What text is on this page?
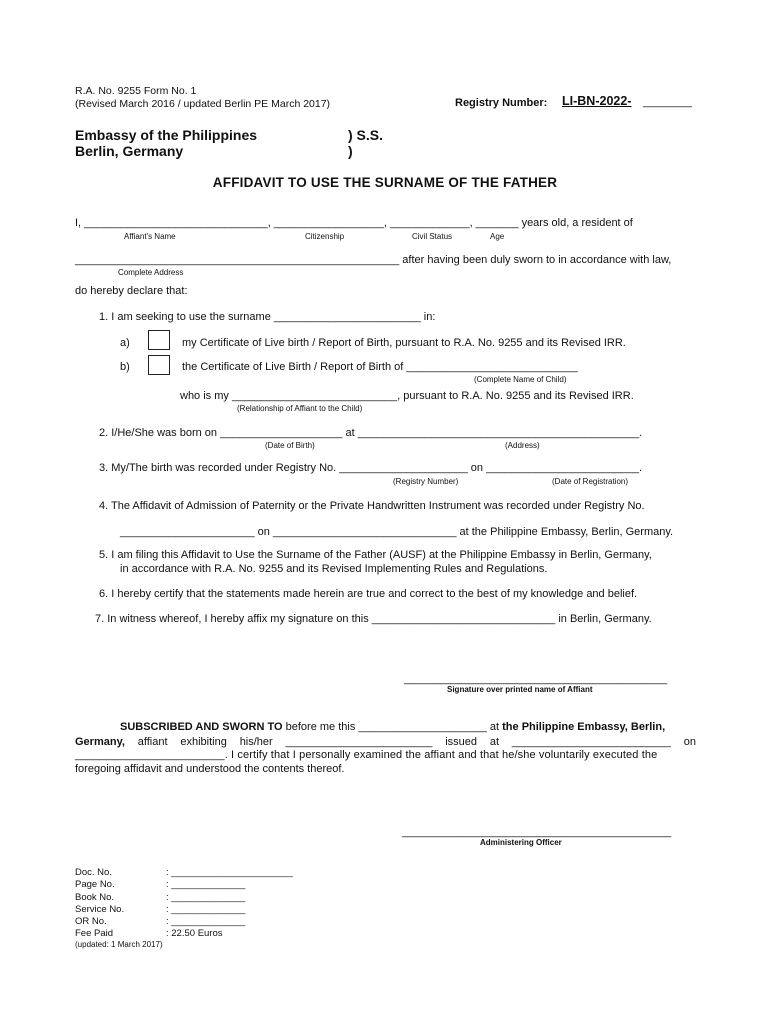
R.A. No. 9255 Form No. 1
(Revised March 2016 / updated Berlin PE March 2017)	Registry Number: LI-BN-2022- ________
Embassy of the Philippines
Berlin, Germany
) S.S.
)
AFFIDAVIT TO USE THE SURNAME OF THE FATHER
I, ______________________________, __________________, _____________, _______ years old, a resident of
Affiant's Name	Citizenship	Civil Status	Age
_____________________________________________________ after having been duly sworn to in accordance with law,
Complete Address
do hereby declare that:
1. I am seeking to use the surname ________________________ in:
a)	my Certificate of Live birth / Report of Birth, pursuant to R.A. No. 9255 and its Revised IRR.
b)	the Certificate of Live Birth / Report of Birth of ____________________________
(Complete Name of Child)
who is my ___________________________, pursuant to R.A. No. 9255 and its Revised IRR.
(Relationship of Affiant to the Child)
2. I/He/She was born on ____________________ at ______________________________________________.
(Date of Birth)	(Address)
3. My/The birth was recorded under Registry No. _____________________ on _________________________.
(Registry Number)	(Date of Registration)
4. The Affidavit of Admission of Paternity or the Private Handwritten Instrument was recorded under Registry No.
______________________ on ______________________________ at the Philippine Embassy, Berlin, Germany.
5. I am filing this Affidavit to Use the Surname of the Father (AUSF) at the Philippine Embassy in Berlin, Germany,
in accordance with R.A. No. 9255 and its Revised Implementing Rules and Regulations.
6. I hereby certify that the statements made herein are true and correct to the best of my knowledge and belief.
7. In witness whereof, I hereby affix my signature on this ______________________________ in Berlin, Germany.
___________________________________________
Signature over printed name of Affiant
SUBSCRIBED AND SWORN TO before me this _____________________ at the Philippine Embassy, Berlin,
Germany, affiant exhibiting his/her ________________________ issued at __________________________ on
________________________. I certify that I personally examined the affiant and that he/she voluntarily executed the
foregoing affidavit and understood the contents thereof.
____________________________________________
Administering Officer
Doc. No.	: _______________________
Page No.	: ______________
Book No.	: ______________
Service No.	: ______________
OR No.	: ______________
Fee Paid	: 22.50 Euros
(updated: 1 March 2017)
